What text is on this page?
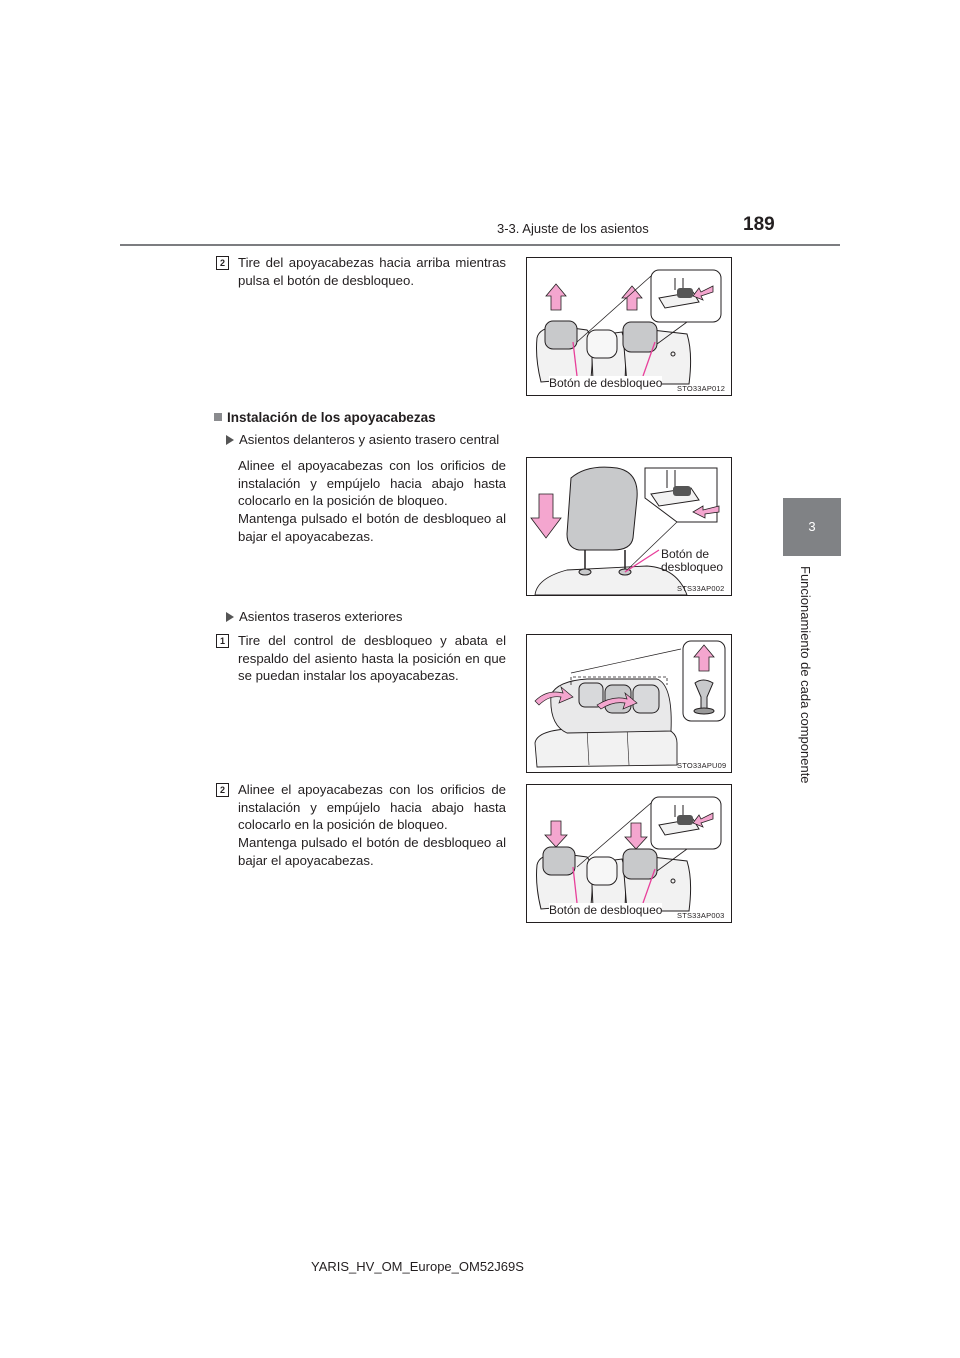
3-3. Ajuste de los asientos	189
3
Funcionamiento de cada componente
2 Tire del apoyacabezas hacia arriba mientras pulsa el botón de desbloqueo.
Botón de desbloqueo STO33AP012
Instalación de los apoyacabezas
Asientos delanteros y asiento trasero central
Alinee el apoyacabezas con los orificios de instalación y empújelo hacia abajo hasta colocarlo en la posición de bloqueo.
Mantenga pulsado el botón de desbloqueo al bajar el apoyacabezas.
Botón de
desbloqueo
STS33AP002
Asientos traseros exteriores
1 Tire del control de desbloqueo y abata el respaldo del asiento hasta la posición en que se puedan instalar los apoyacabezas.
STO33APU09
2 Alinee el apoyacabezas con los orificios de instalación y empújelo hacia abajo hasta colocarlo en la posición de bloqueo.
Mantenga pulsado el botón de desbloqueo al bajar el apoyacabezas.
Botón de desbloqueo STS33AP003
YARIS_HV_OM_Europe_OM52J69S
